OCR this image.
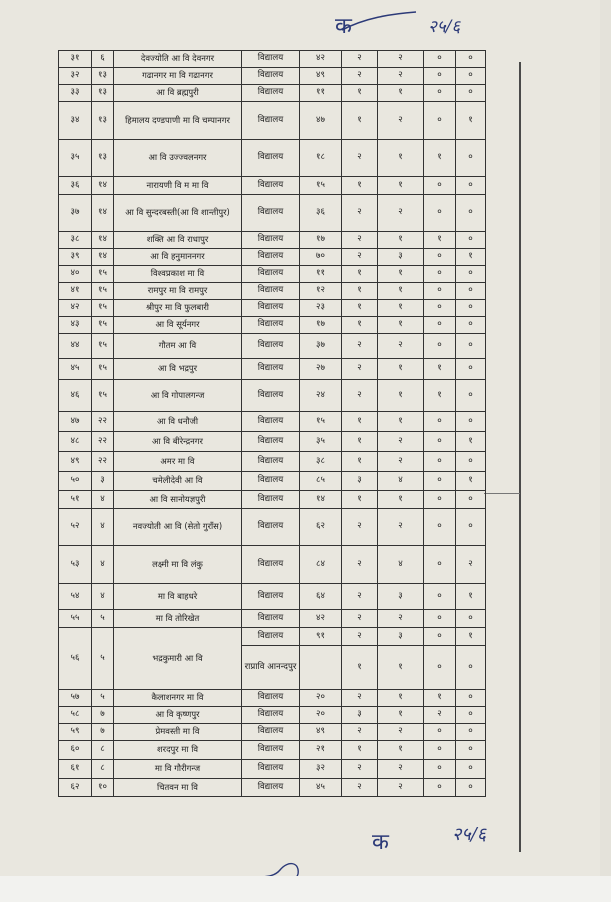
३१	६	देवज्योति आ वि देवनगर	विद्यालय	४२	२	२	०	०
३२	१३	गढानगर मा वि गढानगर	विद्यालय	४९	२	२	०	०
३३	१३	आ वि ब्रह्मपुरी	विद्यालय	११	१	१	०	०
३४	१३	हिमालय दण्डपाणी मा वि चम्पानगर	विद्यालय	४७	१	२	०	१
३५	१३	आ वि उज्ज्वलनगर	विद्यालय	१८	२	१	१	०
३६	१४	नारायणी वि म मा वि	विद्यालय	१५	१	१	०	०
३७	१४	आ वि सुन्दरबस्ती(आ वि शान्तीपुर)	विद्यालय	३६	२	२	०	०
३८	१४	शक्ति आ वि राधापुर	विद्यालय	१७	२	१	१	०
३९	१४	आ वि हनुमाननगर	विद्यालय	७०	२	३	०	१
४०	१५	विश्वप्रकाश मा वि	विद्यालय	११	१	१	०	०
४१	१५	रामपुर मा वि रामपुर	विद्यालय	१२	१	१	०	०
४२	१५	श्रीपुर मा वि फुलबारी	विद्यालय	२३	१	१	०	०
४३	१५	आ वि सूर्यनगर	विद्यालय	१७	१	१	०	०
४४	१५	गौतम आ वि	विद्यालय	३७	२	२	०	०
४५	१५	आ वि भद्रपुर	विद्यालय	२७	२	१	१	०
४६	१५	आ वि गोपालगन्ज	विद्यालय	२४	२	१	१	०
४७	२२	आ वि धनौजी	विद्यालय	१५	१	१	०	०
४८	२२	आ वि बीरेन्द्रनगर	विद्यालय	३५	१	२	०	१
४९	२२	अमर मा वि	विद्यालय	३८	१	२	०	०
५०	३	चमेलीदेवी आ वि	विद्यालय	८५	३	४	०	१
५१	४	आ वि सानोयज्ञपुरी	विद्यालय	१४	१	१	०	०
५२	४	नवज्योती आ वि (सेतो गुराँस)	विद्यालय	६२	२	२	०	०
५३	४	लक्ष्मी मा वि लंकु	विद्यालय	८४	२	४	०	२
५४	४	मा वि बाहधरे	विद्यालय	६४	२	३	०	१
५५	५	मा वि तोरिखेत	विद्यालय	४२	२	२	०	०
५६	५	भद्रकुमारी आ वि	विद्यालय	९१	२	३	०	१
			राप्रावि आनन्दपुर		१	१	०	०
५७	५	कैलाशनगर मा वि	विद्यालय	२०	२	१	१	०
५८	७	आ वि कृष्णपुर	विद्यालय	२०	३	१	२	०
५९	७	प्रेमवस्ती मा वि	विद्यालय	४९	२	२	०	०
६०	८	शरदपुर मा वि	विद्यालय	२१	१	१	०	०
६१	८	मा वि गौरीगन्ज	विद्यालय	३२	२	२	०	०
६२	१०	चितवन मा वि	विद्यालय	४५	२	२	०	०
क	२५/६
क	२५/६
